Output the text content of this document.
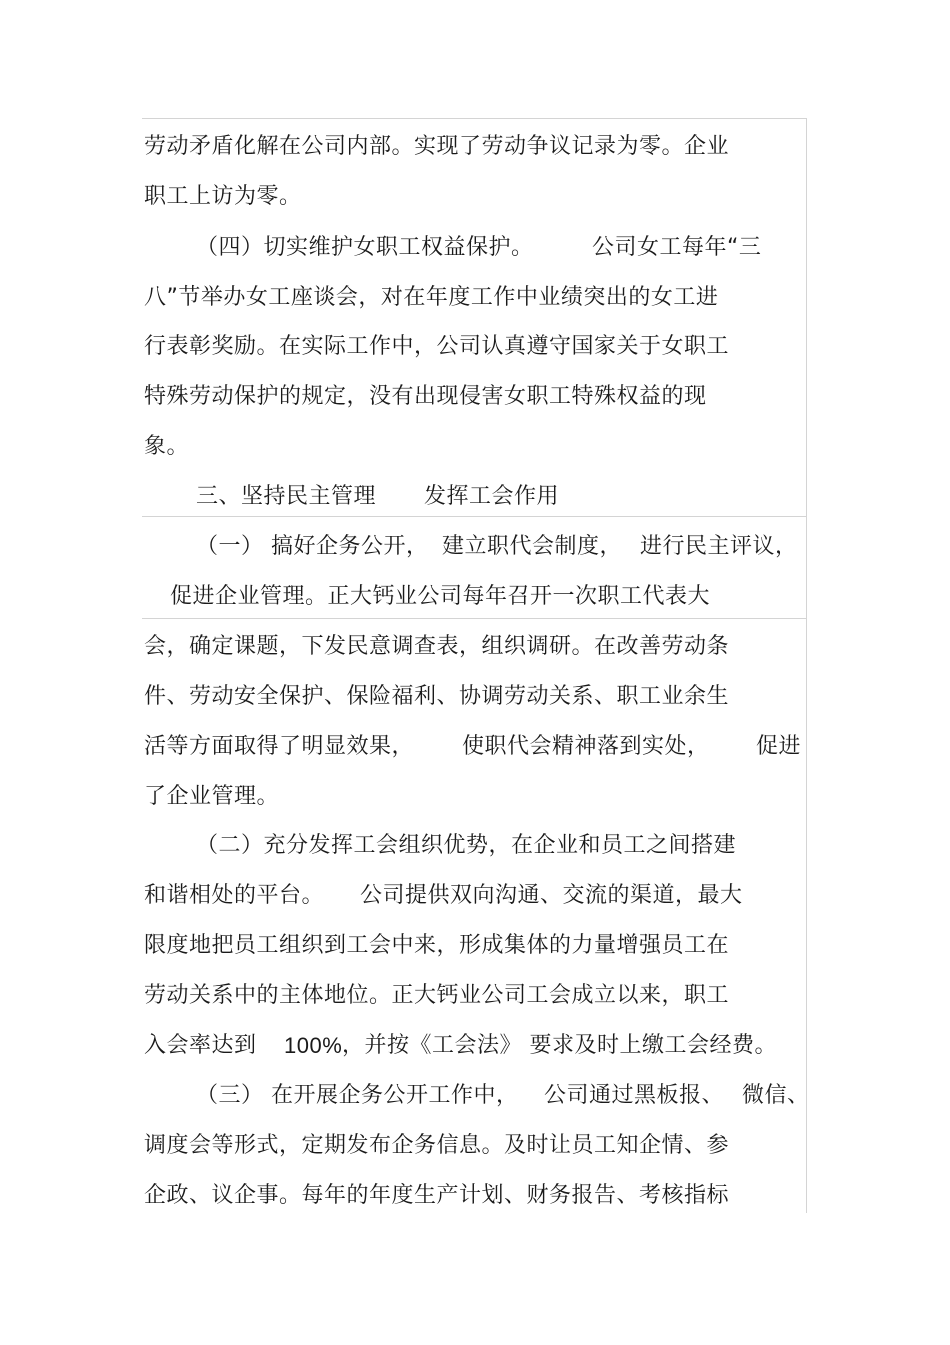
劳动矛盾化解在公司内部。实现了劳动争议记录为零。企业
职工上访为零。
（四）切实维护女职工权益保护。	公司女工每年“三
八”节举办女工座谈会，对在年度工作中业绩突出的女工进
行表彰奖励。在实际工作中，公司认真遵守国家关于女职工
特殊劳动保护的规定，没有出现侵害女职工特殊权益的现
象。
三、坚持民主管理 发挥工会作用
（一） 搞好企务公开， 建立职代会制度， 进行民主评议，
促进企业管理。正大钙业公司每年召开一次职工代表大
会，确定课题，下发民意调查表，组织调研。在改善劳动条
件、劳动安全保护、保险福利、协调劳动关系、职工业余生
活等方面取得了明显效果， 使职代会精神落到实处， 促进
了企业管理。
（二）充分发挥工会组织优势，在企业和员工之间搭建
和谐相处的平台。 公司提供双向沟通、交流的渠道，最大
限度地把员工组织到工会中来，形成集体的力量增强员工在
劳动关系中的主体地位。正大钙业公司工会成立以来，职工
入会率达到 100% ，并按《工会法》 要求及时上缴工会经费。
（三） 在开展企务公开工作中， 公司通过黑板报、 微信、
调度会等形式，定期发布企务信息。及时让员工知企情、参
企政、议企事。每年的年度生产计划、财务报告、考核指标
